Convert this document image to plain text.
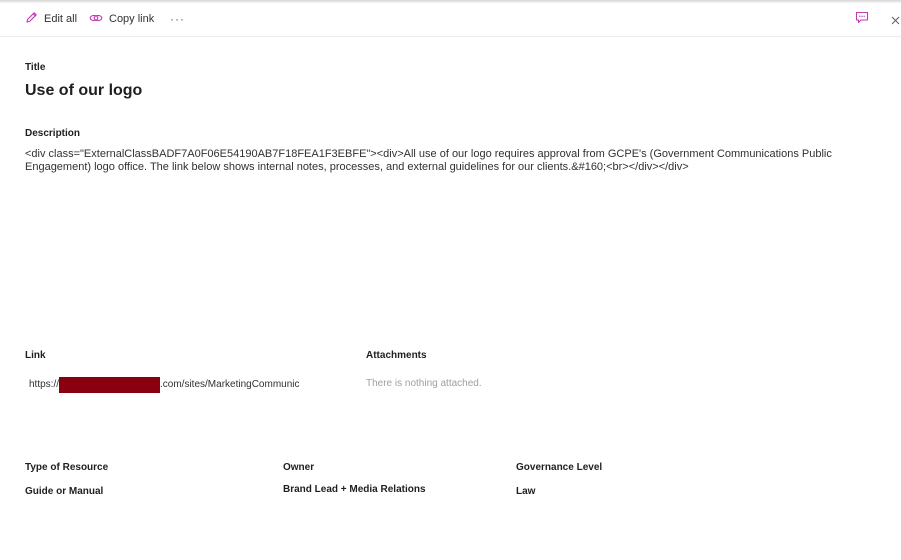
Edit all	Copy link ···
Title
Use of our logo
Description
<div class="ExternalClassBADF7A0F06E54190AB7F18FEA1F3EBFE"><div>All use of our logo requires approval from GCPE's (Government Communications Public Engagement) logo office. The link below shows internal notes, processes, and external guidelines for our clients.&#160;<br></div></div>
Link
https://	.com/sites/MarketingCommunic
Attachments
There is nothing attached.
Type of Resource
Guide or Manual
Owner
Brand Lead + Media Relations
Governance Level
Law
